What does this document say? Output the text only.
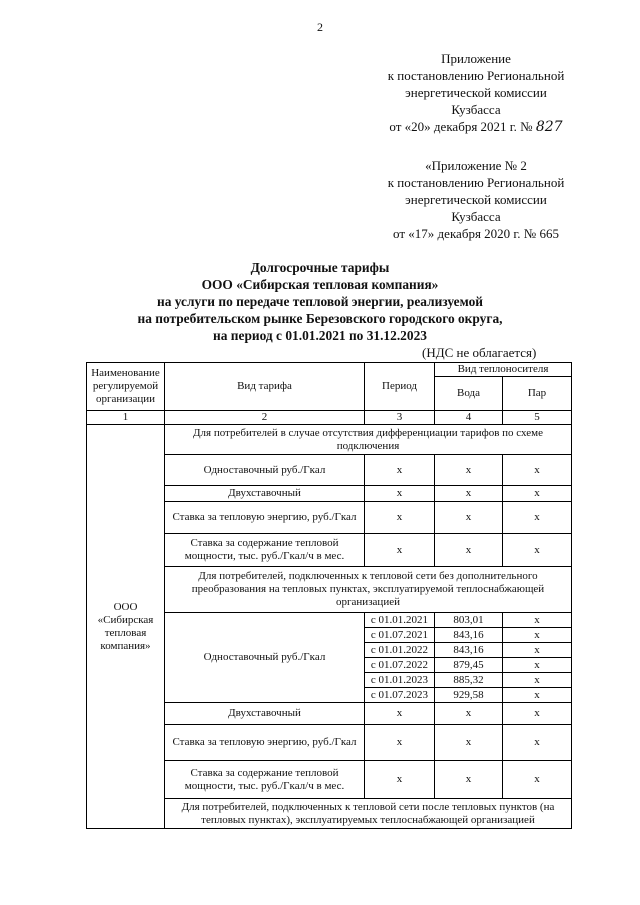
2
Приложение
к постановлению Региональной
энергетической комиссии
Кузбасса
от «20» декабря 2021 г. № 827
«Приложение № 2
к постановлению Региональной
энергетической комиссии
Кузбасса
от «17» декабря 2020 г. № 665
Долгосрочные тарифы
ООО «Сибирская тепловая компания»
на услуги по передаче тепловой энергии, реализуемой
на потребительском рынке Березовского городского округа,
на период с 01.01.2021 по 31.12.2023
(НДС не облагается)
Наименование регулируемой организации	Вид тарифа	Период	Вид теплоносителя	
			Вода	Пар
1	2	3	4	5
ООО «Сибирская тепловая компания»	Для потребителей в случае отсутствия дифференциации тарифов по схеме подключения			
	Одноставочный руб./Гкал	x	x	x
	Двухставочный	x	x	x
	Ставка за тепловую энергию, руб./Гкал	x	x	x
	Ставка за содержание тепловой мощности, тыс. руб./Гкал/ч в мес.	x	x	x
	Для потребителей, подключенных к тепловой сети без дополнительного преобразования на тепловых пунктах, эксплуатируемой теплоснабжающей организацией			
	Одноставочный руб./Гкал	с 01.01.2021	803,01	x
		с 01.07.2021	843,16	x
		с 01.01.2022	843,16	x
		с 01.07.2022	879,45	x
		с 01.01.2023	885,32	x
		с 01.07.2023	929,58	x
	Двухставочный	x	x	x
	Ставка за тепловую энергию, руб./Гкал	x	x	x
	Ставка за содержание тепловой мощности, тыс. руб./Гкал/ч в мес.	x	x	x
	Для потребителей, подключенных к тепловой сети после тепловых пунктов (на тепловых пунктах), эксплуатируемых теплоснабжающей организацией			
